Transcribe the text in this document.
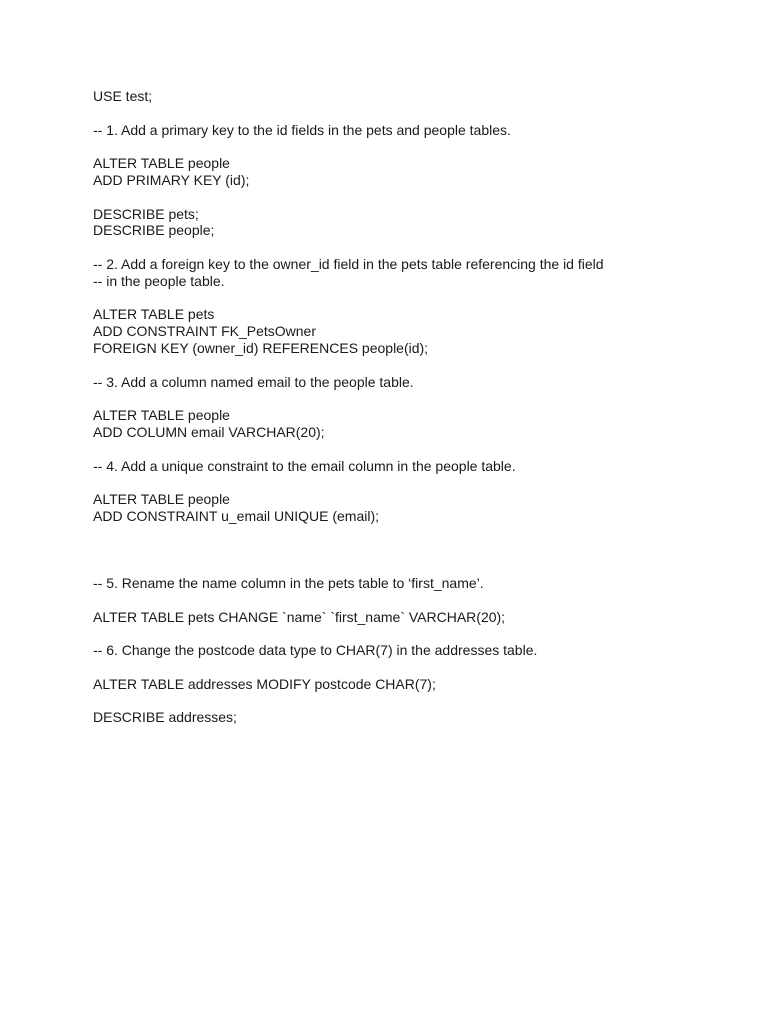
USE test;
-- 1. Add a primary key to the id fields in the pets and people tables.
ALTER TABLE people
ADD PRIMARY KEY (id);
DESCRIBE pets;
DESCRIBE people;
-- 2. Add a foreign key to the owner_id field in the pets table referencing the id field
-- in the people table.
ALTER TABLE pets
ADD CONSTRAINT FK_PetsOwner
FOREIGN KEY (owner_id) REFERENCES people(id);
-- 3. Add a column named email to the people table.
ALTER TABLE people
ADD COLUMN email VARCHAR(20);
-- 4. Add a unique constraint to the email column in the people table.
ALTER TABLE people
ADD CONSTRAINT u_email UNIQUE (email);
-- 5. Rename the name column in the pets table to ‘first_name’.
ALTER TABLE pets CHANGE `name` `first_name` VARCHAR(20);
-- 6. Change the postcode data type to CHAR(7) in the addresses table.
ALTER TABLE addresses MODIFY postcode CHAR(7);
DESCRIBE addresses;
